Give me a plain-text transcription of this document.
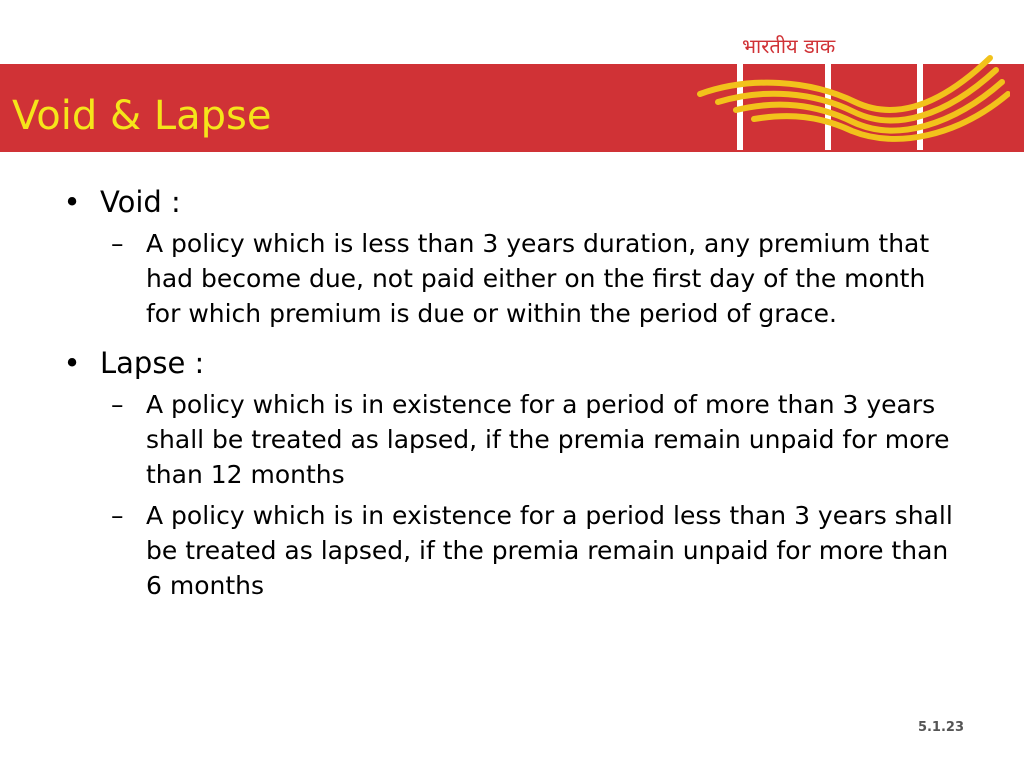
Void & Lapse
भारतीय डाक

• Void :

– A policy which is less than 3 years duration, any premium that had become due, not paid either on the first day of the month for which premium is due or within the period of grace.

• Lapse :

– A policy which is in existence for a period of more than 3 years shall be treated as lapsed, if the premia remain unpaid for more than 12 months

– A policy which is in existence for a period less than 3 years shall be treated as lapsed, if the premia remain unpaid for more than 6 months

5.1.23
